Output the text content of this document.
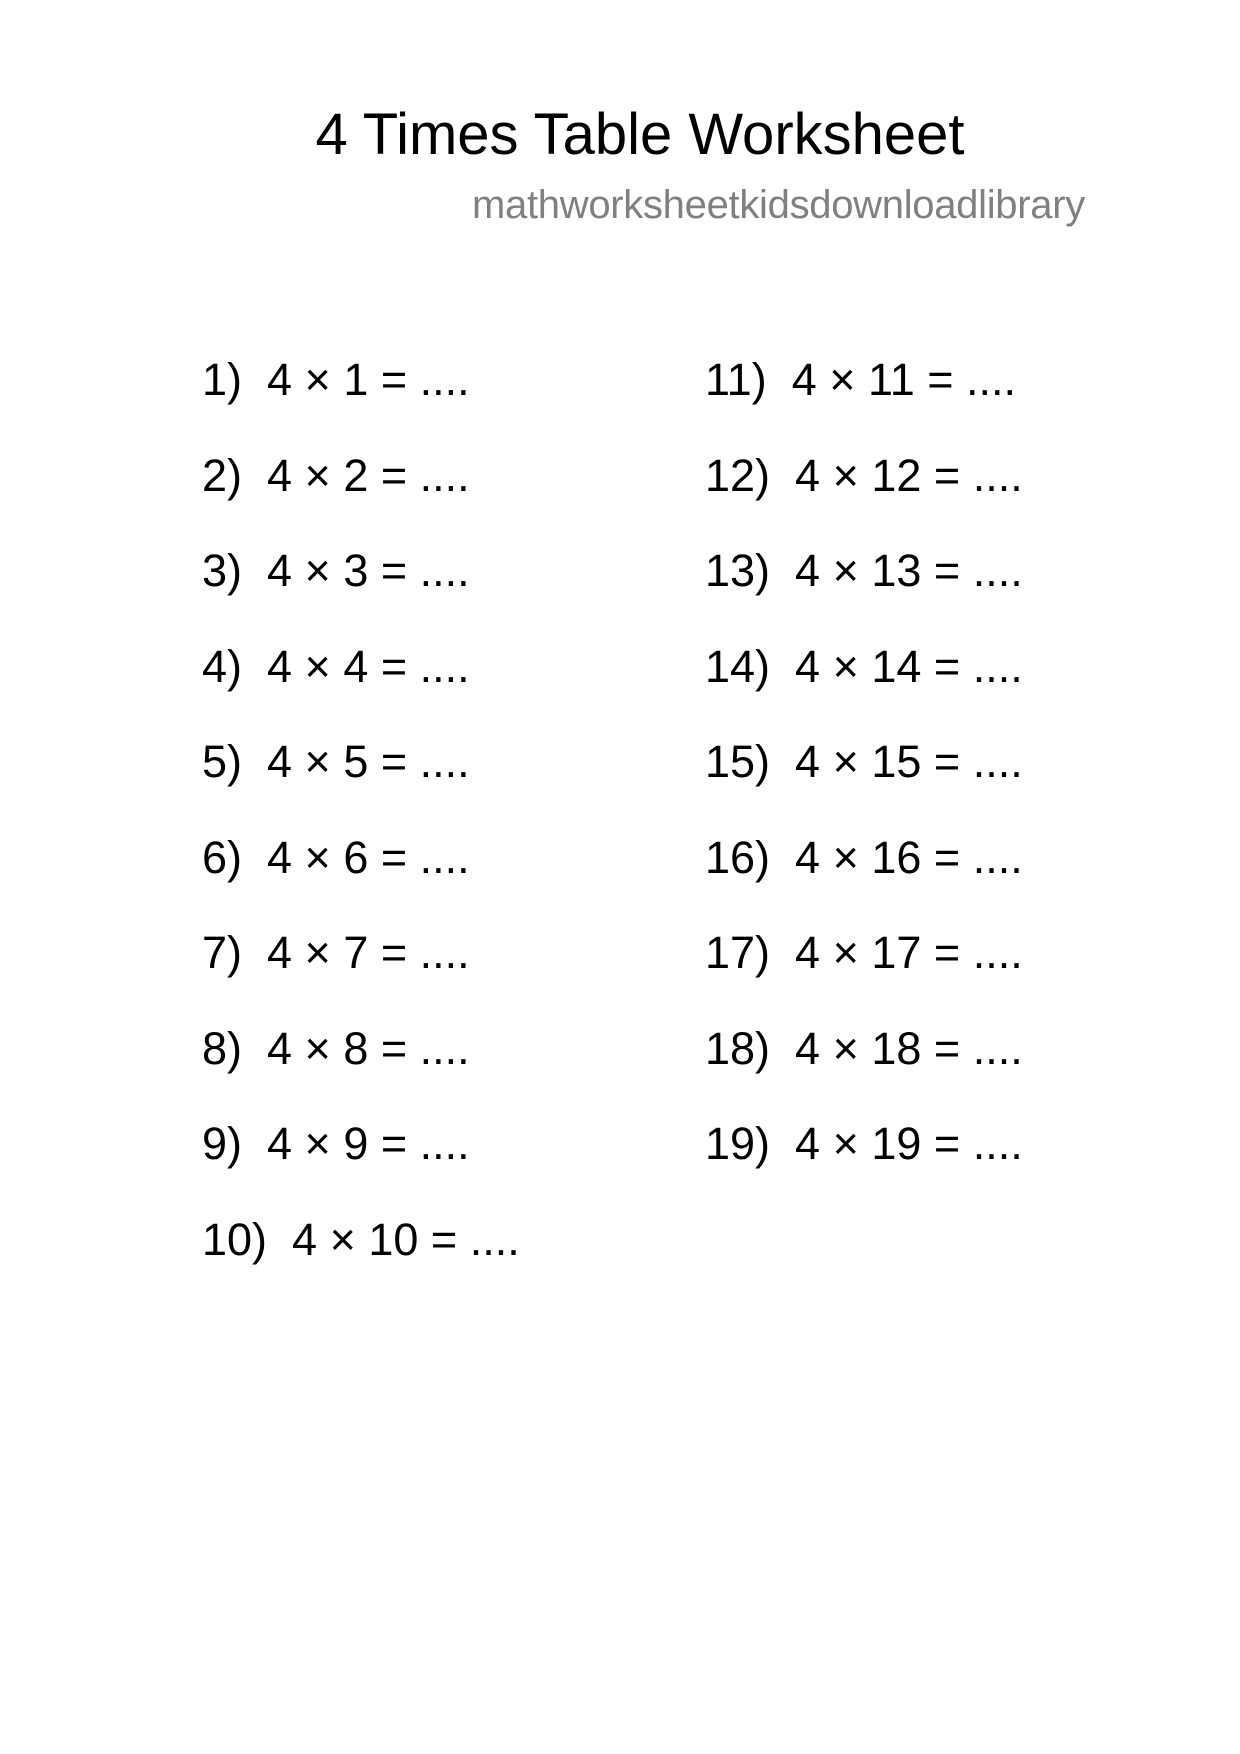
4 Times Table Worksheet
mathworksheetkidsdownloadlibrary
1)  4 × 1 = ....
2)  4 × 2 = ....
3)  4 × 3 = ....
4)  4 × 4 = ....
5)  4 × 5 = ....
6)  4 × 6 = ....
7)  4 × 7 = ....
8)  4 × 8 = ....
9)  4 × 9 = ....
10)  4 × 10 = ....
11)  4 × 11 = ....
12)  4 × 12 = ....
13)  4 × 13 = ....
14)  4 × 14 = ....
15)  4 × 15 = ....
16)  4 × 16 = ....
17)  4 × 17 = ....
18)  4 × 18 = ....
19)  4 × 19 = ....
